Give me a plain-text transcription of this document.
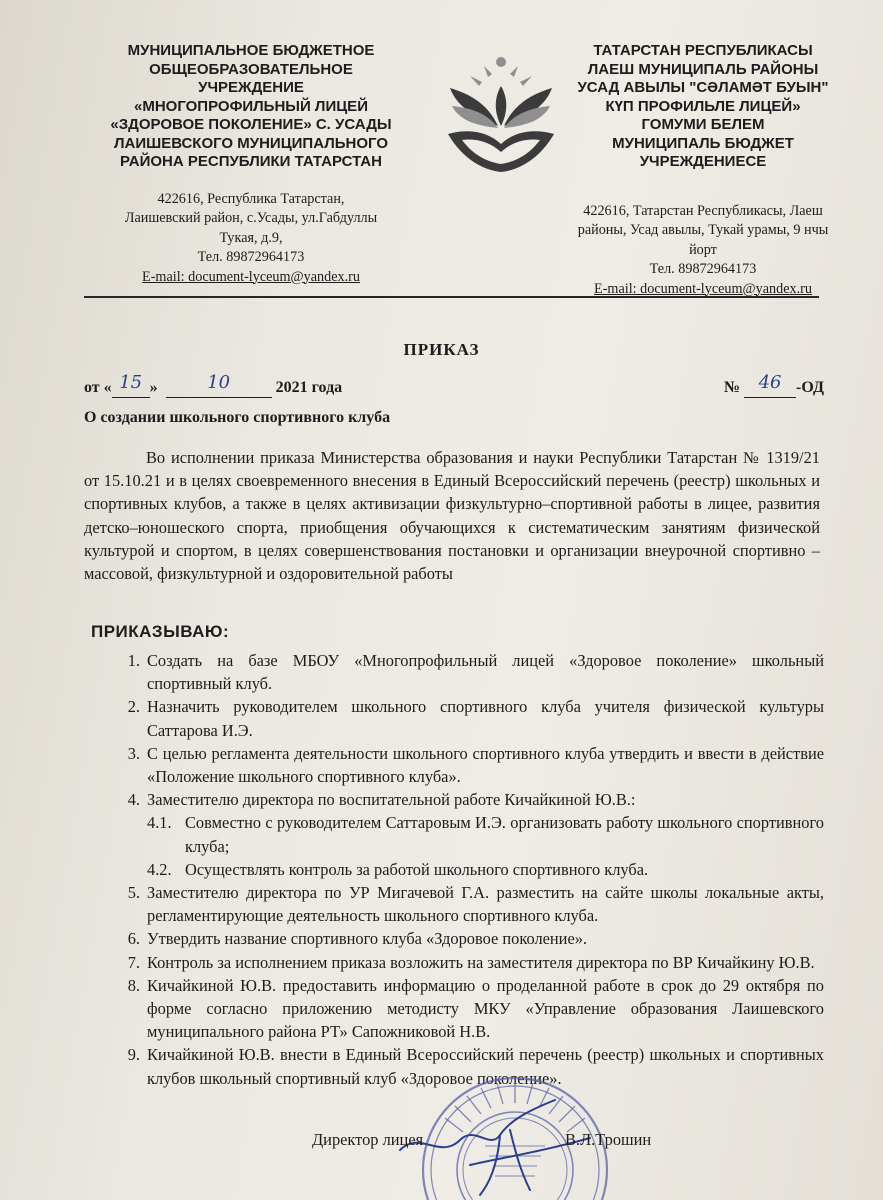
МУНИЦИПАЛЬНОЕ БЮДЖЕТНОЕ
ОБЩЕОБРАЗОВАТЕЛЬНОЕ
УЧРЕЖДЕНИЕ
«МНОГОПРОФИЛЬНЫЙ ЛИЦЕЙ
«ЗДОРОВОЕ ПОКОЛЕНИЕ» С. УСАДЫ
ЛАИШЕВСКОГО МУНИЦИПАЛЬНОГО
РАЙОНА РЕСПУБЛИКИ ТАТАРСТАН
422616, Республика Татарстан,
Лаишевский район, с.Усады, ул.Габдуллы
Тукая, д.9,
Тел. 89872964173
E-mail: document-lyceum@yandex.ru
ТАТАРСТАН РЕСПУБЛИКАСЫ
ЛАЕШ МУНИЦИПАЛЬ РАЙОНЫ
УСАД АВЫЛЫ "СӘЛАМӘТ БУЫН"
КҮП ПРОФИЛЬЛЕ ЛИЦЕЙ»
ГОМУМИ БЕЛЕМ
МУНИЦИПАЛЬ БЮДЖЕТ
УЧРЕЖДЕНИЕСЕ
422616, Татарстан Республикасы, Лаеш
районы, Усад авылы, Тукай урамы, 9 нчы
йорт
Тел. 89872964173
E-mail: document-lyceum@yandex.ru
ПРИКАЗ
от « 15 »	10	2021 года	№ 46 -ОД
О создании школьного спортивного клуба
Во исполнении приказа Министерства образования и науки Республики Татарстан № 1319/21 от 15.10.21 и в целях своевременного внесения в Единый Всероссийский перечень (реестр) школьных и спортивных клубов, а также в целях активизации физкультурно–спортивной работы в лицее, развития детско–юношеского спорта, приобщения обучающихся к систематическим занятиям физической культурой и спортом, в целях совершенствования постановки и организации внеурочной спортивно – массовой, физкультурной и оздоровительной работы
ПРИКАЗЫВАЮ:
1. Создать на базе МБОУ «Многопрофильный лицей «Здоровое поколение» школьный спортивный клуб.
2. Назначить руководителем школьного спортивного клуба учителя физической культуры Саттарова И.Э.
3. С целью регламента деятельности школьного спортивного клуба утвердить и ввести в действие «Положение школьного спортивного клуба».
4. Заместителю директора по воспитательной работе Кичайкиной Ю.В.:
4.1. Совместно с руководителем Саттаровым И.Э. организовать работу школьного спортивного клуба;
4.2. Осуществлять контроль за работой школьного спортивного клуба.
5. Заместителю директора по УР Мигачевой Г.А. разместить на сайте школы локальные акты, регламентирующие деятельность школьного спортивного клуба.
6. Утвердить название спортивного клуба «Здоровое поколение».
7. Контроль за исполнением приказа возложить на заместителя директора по ВР Кичайкину Ю.В.
8. Кичайкиной Ю.В. предоставить информацию о проделанной работе в срок до 29 октября по форме согласно приложению методисту МКУ «Управление образования Лаишевского муниципального района РТ» Сапожниковой Н.В.
9. Кичайкиной Ю.В. внести в Единый Всероссийский перечень (реестр) школьных и спортивных клубов школьный спортивный клуб «Здоровое поколение».
Директор лицея	В.Л.Трошин
